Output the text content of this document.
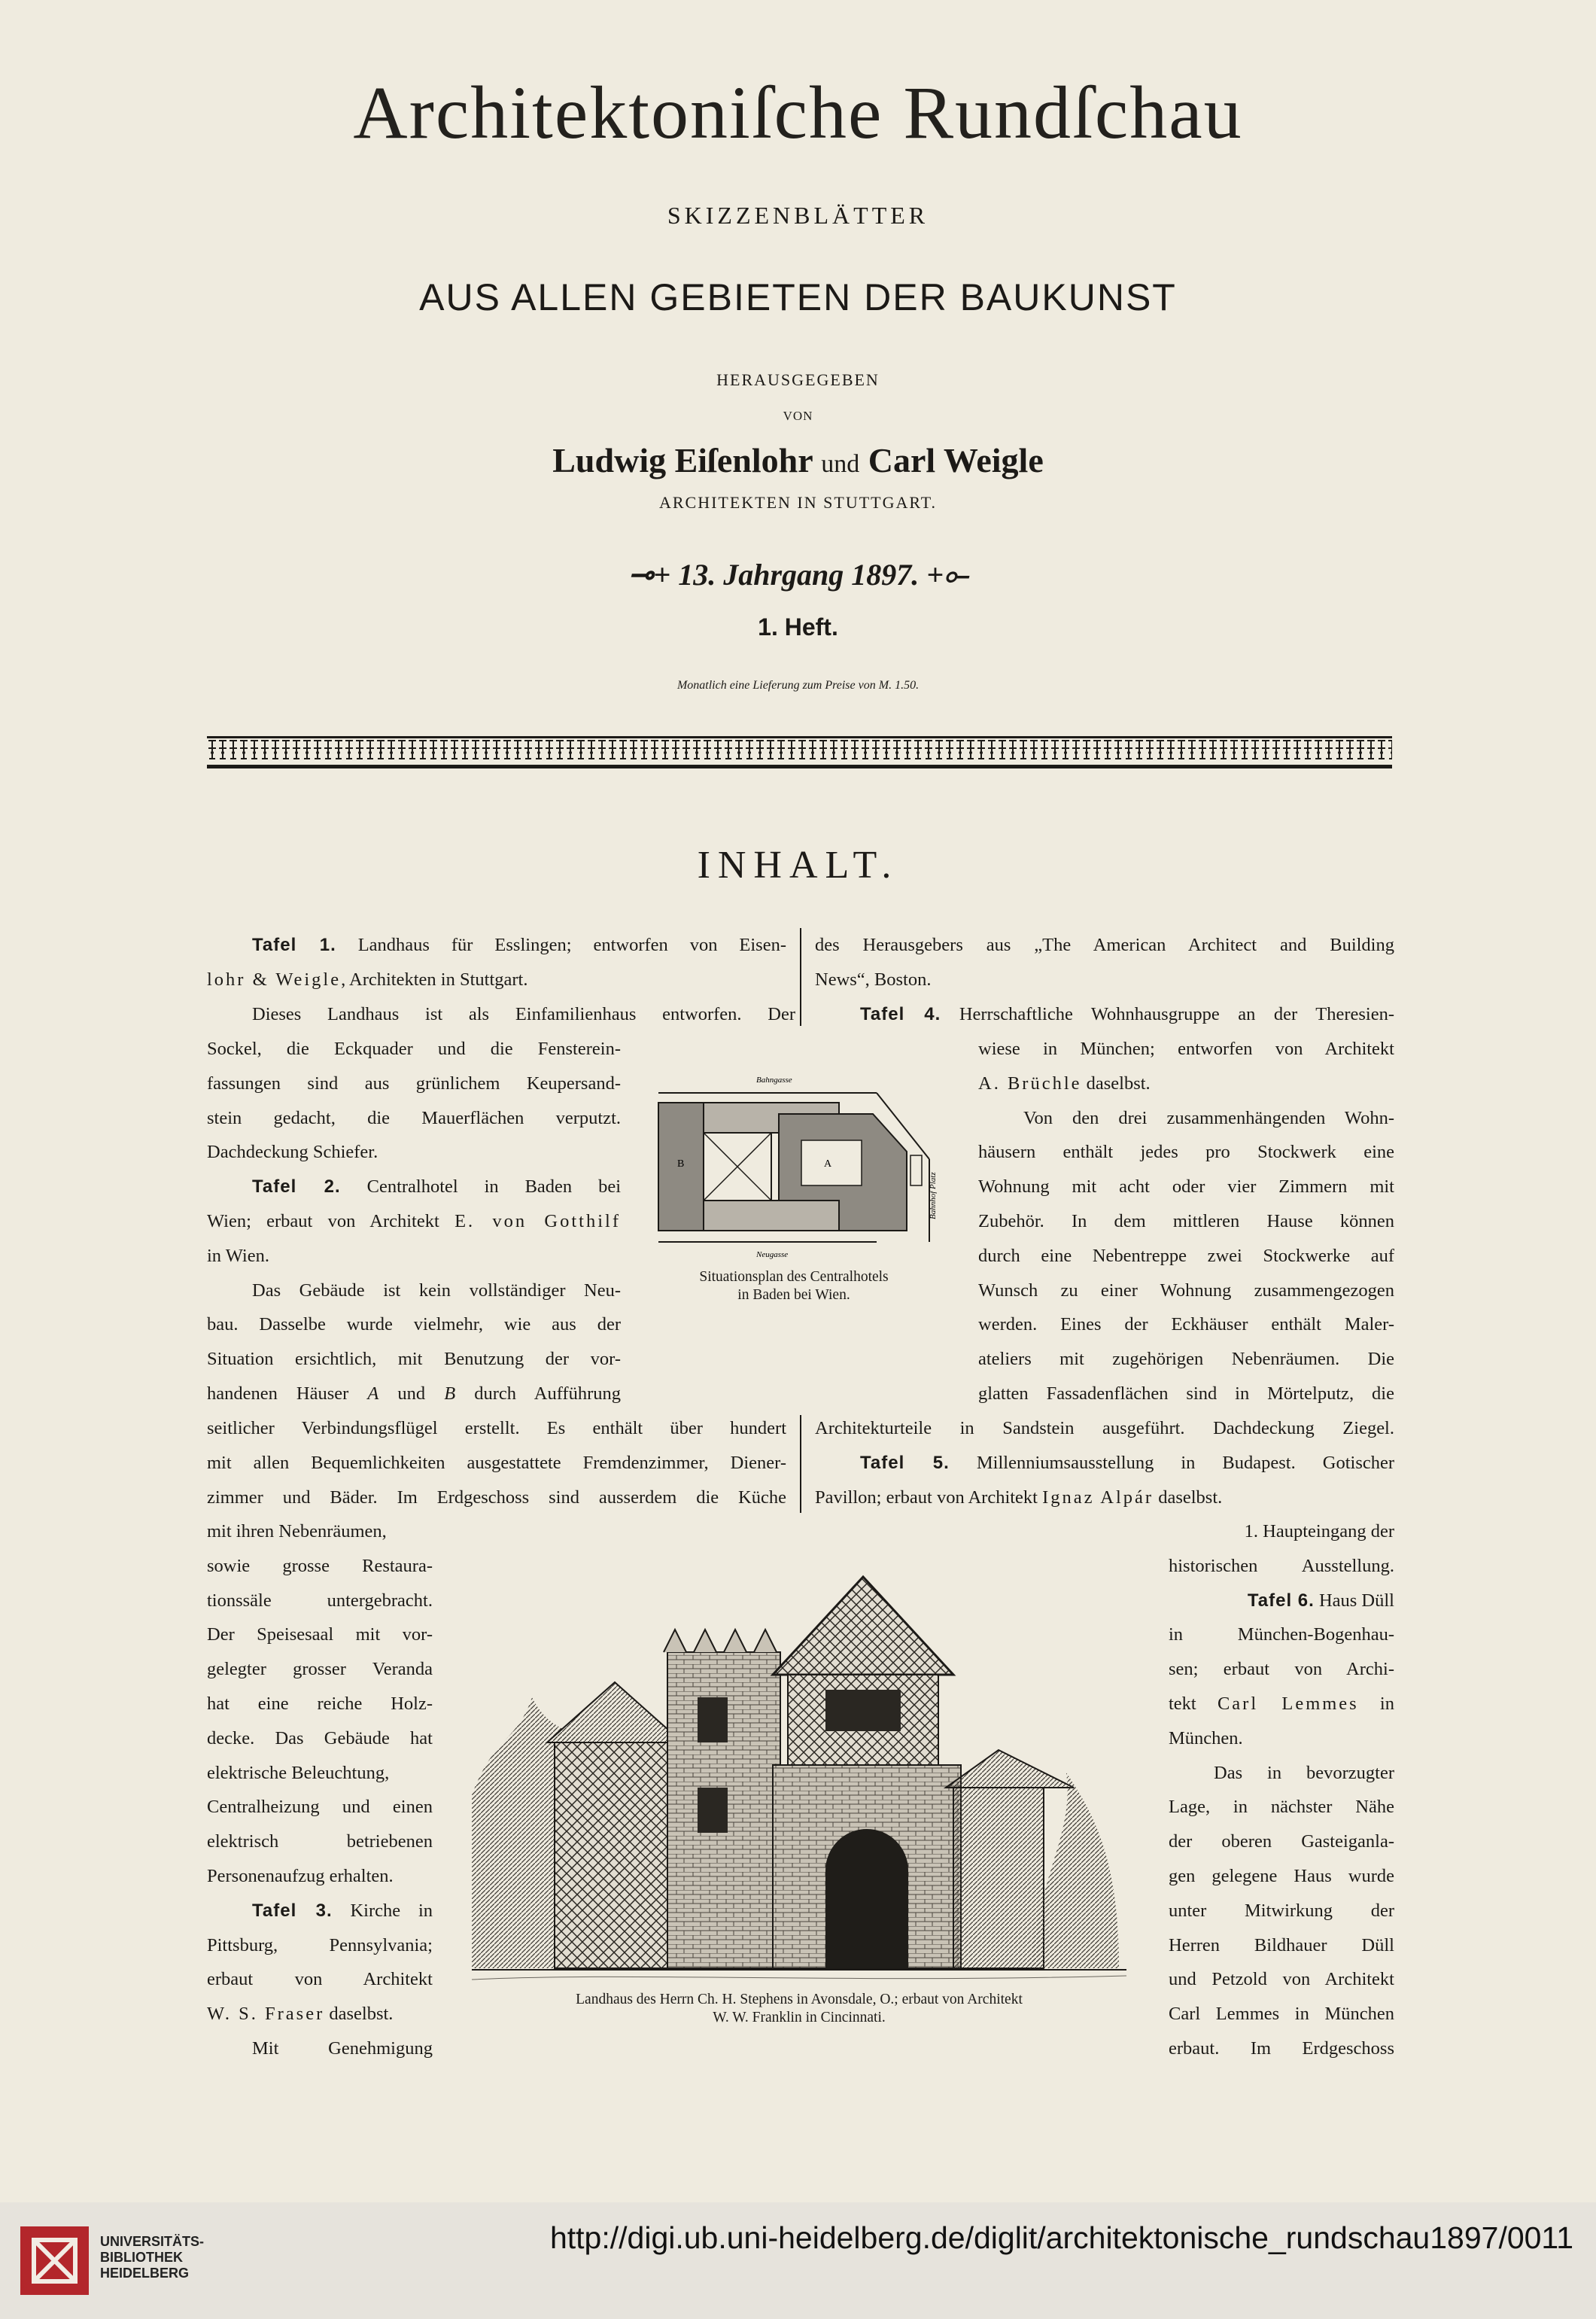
Architektoniſche Rundſchau
SKIZZENBLÄTTER
AUS ALLEN GEBIETEN DER BAUKUNST
HERAUSGEGEBEN
VON
Ludwig Eiſenlohr und Carl Weigle
ARCHITEKTEN IN STUTTGART.
⊸+ 13. Jahrgang 1897. +⟜
1. Heft.
Monatlich eine Lieferung zum Preise von M. 1.50.
INHALT.
Tafel 1. Landhaus für Esslingen; entworfen von Eisen-
lohr & Weigle, Architekten in Stuttgart.
Dieses Landhaus ist als Einfamilienhaus entworfen. Der
Sockel, die Eckquader und die Fensterein-
fassungen sind aus grünlichem Keupersand-
stein gedacht, die Mauerflächen verputzt.
Dachdeckung Schiefer.
Tafel 2. Centralhotel in Baden bei
Wien; erbaut von Architekt E. von Gotthilf
in Wien.
Das Gebäude ist kein vollständiger Neu-
bau. Dasselbe wurde vielmehr, wie aus der
Situation ersichtlich, mit Benutzung der vor-
handenen Häuser A und B durch Aufführung
seitlicher Verbindungsflügel erstellt. Es enthält über hundert
mit allen Bequemlichkeiten ausgestattete Fremdenzimmer, Diener-
zimmer und Bäder. Im Erdgeschoss sind ausserdem die Küche
mit ihren Nebenräumen,
sowie grosse Restaura-
tionssäle untergebracht.
Der Speisesaal mit vor-
gelegter grosser Veranda
hat eine reiche Holz-
decke. Das Gebäude hat
elektrische Beleuchtung,
Centralheizung und einen
elektrisch betriebenen
Personenaufzug erhalten.
Tafel 3. Kirche in
Pittsburg, Pennsylvania;
erbaut von Architekt
W. S. Fraser daselbst.
Mit Genehmigung
des Herausgebers aus „The American Architect and Building
News“, Boston.
Tafel 4. Herrschaftliche Wohnhausgruppe an der Theresien-
wiese in München; entworfen von Architekt
A. Brüchle daselbst.
Von den drei zusammenhängenden Wohn-
häusern enthält jedes pro Stockwerk eine
Wohnung mit acht oder vier Zimmern mit
Zubehör. In dem mittleren Hause können
durch eine Nebentreppe zwei Stockwerke auf
Wunsch zu einer Wohnung zusammengezogen
werden. Eines der Eckhäuser enthält Maler-
ateliers mit zugehörigen Nebenräumen. Die
glatten Fassadenflächen sind in Mörtelputz, die
Architekturteile in Sandstein ausgeführt. Dachdeckung Ziegel.
Tafel 5. Millenniumsausstellung in Budapest. Gotischer
Pavillon; erbaut von Architekt Ignaz Alpár daselbst.
1. Haupteingang der
historischen Ausstellung.
Tafel 6. Haus Düll
in München-Bogenhau-
sen; erbaut von Archi-
tekt Carl Lemmes in
München.
Das in bevorzugter
Lage, in nächster Nähe
der oberen Gasteiganla-
gen gelegene Haus wurde
unter Mitwirkung der
Herren Bildhauer Düll
und Petzold von Architekt
Carl Lemmes in München
erbaut. Im Erdgeschoss
Bahngasse
B	A
Bahnhof Platz
Neugasse
Situationsplan des Centralhotels
in Baden bei Wien.
Landhaus des Herrn Ch. H. Stephens in Avonsdale, O.; erbaut von Architekt
W. W. Franklin in Cincinnati.
UNIVERSITÄTS-
BIBLIOTHEK
HEIDELBERG
http://digi.ub.uni-heidelberg.de/diglit/architektonische_rundschau1897/0011
